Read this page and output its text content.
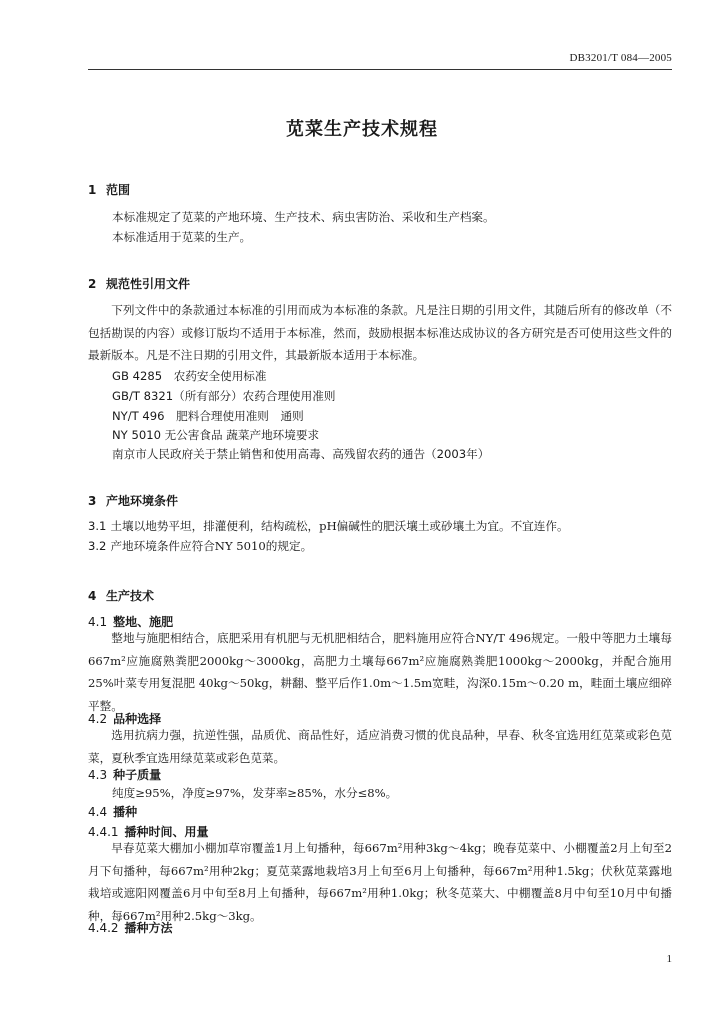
DB3201/T 084—2005
苋菜生产技术规程
1 范围
本标准规定了苋菜的产地环境、生产技术、病虫害防治、采收和生产档案。
本标准适用于苋菜的生产。
2 规范性引用文件

下列文件中的条款通过本标准的引用而成为本标准的条款。凡是注日期的引用文件，其随后所有的修改单（不包括勘误的内容）或修订版均不适用于本标准，然而，鼓励根据本标准达成协议的各方研究是否可使用这些文件的最新版本。凡是不注日期的引用文件，其最新版本适用于本标准。

GB 4285　农药安全使用标准
GB/T 8321（所有部分）农药合理使用准则
NY/T 496　肥料合理使用准则　通则
NY 5010 无公害食品 蔬菜产地环境要求
南京市人民政府关于禁止销售和使用高毒、高残留农药的通告（2003年）
3 产地环境条件
3.1 土壤以地势平坦，排灌便利，结构疏松，pH偏碱性的肥沃壤土或砂壤土为宜。不宜连作。
3.2 产地环境条件应符合NY 5010的规定。
4 生产技术
4.1 整地、施肥

整地与施肥相结合，底肥采用有机肥与无机肥相结合，肥料施用应符合NY/T 496规定。一般中等肥力土壤每667m²应施腐熟粪肥2000kg～3000kg，高肥力土壤每667m²应施腐熟粪肥1000kg～2000kg，并配合施用25%叶菜专用复混肥 40kg～50kg，耕翻、整平后作1.0m～1.5m宽畦，沟深0.15m～0.20 m，畦面土壤应细碎平整。

4.2 品种选择

选用抗病力强，抗逆性强，品质优、商品性好，适应消费习惯的优良品种，早春、秋冬宜选用红苋菜或彩色苋菜，夏秋季宜选用绿苋菜或彩色苋菜。

4.3 种子质量
纯度≥95%，净度≥97%，发芽率≥85%，水分≤8%。
4.4 播种
4.4.1 播种时间、用量

早春苋菜大棚加小棚加草帘覆盖1月上旬播种，每667m²用种3kg～4kg；晚春苋菜中、小棚覆盖2月上旬至2月下旬播种，每667m²用种2kg；夏苋菜露地栽培3月上旬至6月上旬播种，每667m²用种1.5kg；伏秋苋菜露地栽培或遮阳网覆盖6月中旬至8月上旬播种，每667m²用种1.0kg；秋冬苋菜大、中棚覆盖8月中旬至10月中旬播种，每667m²用种2.5kg～3kg。

4.4.2 播种方法
1
